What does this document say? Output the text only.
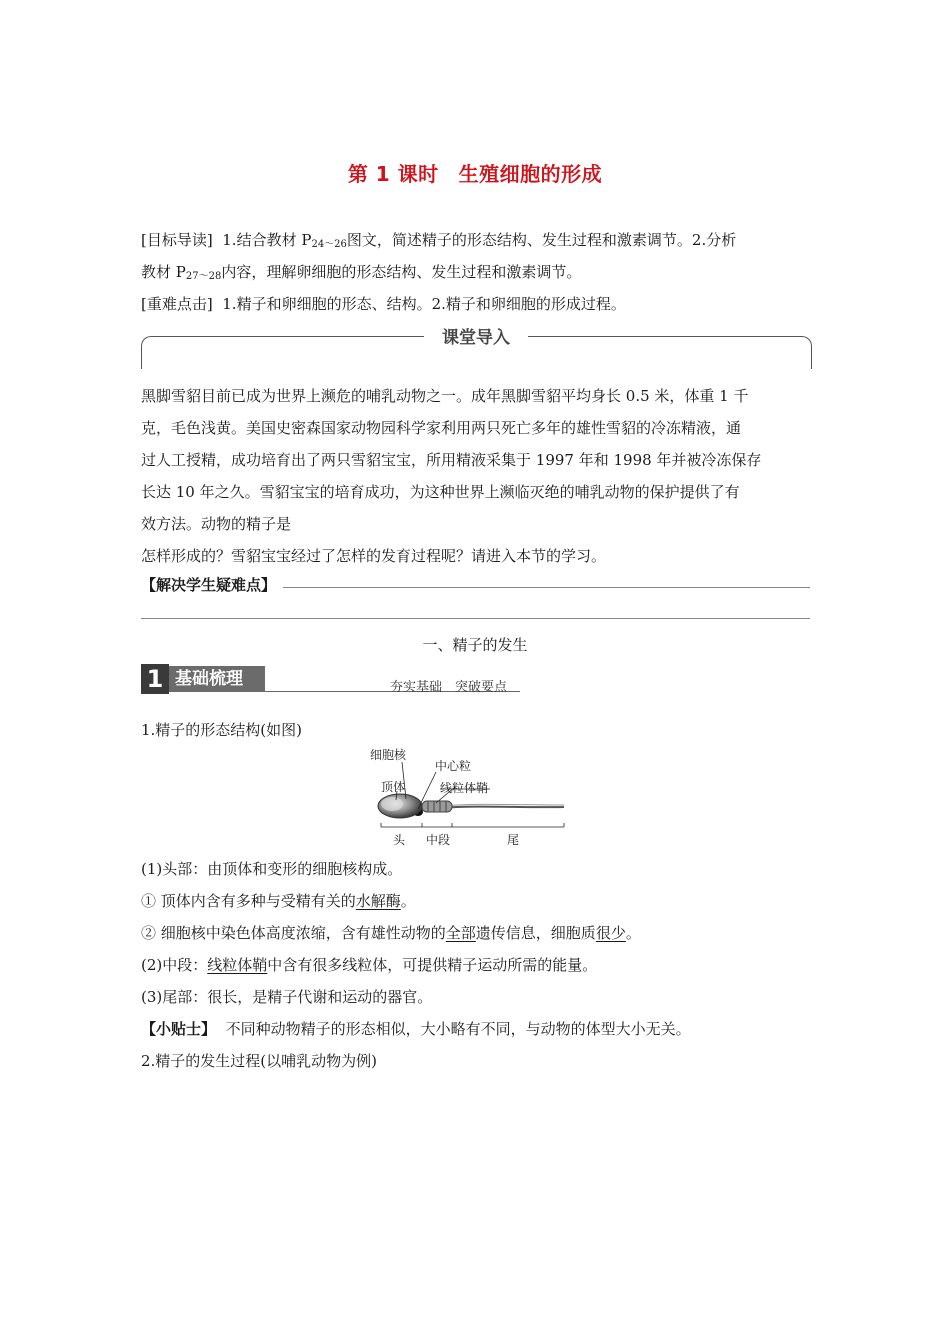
第 1 课时 生殖细胞的形成
[目标导读] 1.结合教材 $P_{24\sim 26}$图文，简述精子的形态结构、发生过程和激素调节。2.分析
教材 $P_{27\sim 28}$内容，理解卵细胞的形态结构、发生过程和激素调节。
[重难点击] 1.精子和卵细胞的形态、结构。2.精子和卵细胞的形成过程。
课堂导入
黑脚雪貂目前已成为世界上濒危的哺乳动物之一。成年黑脚雪貂平均身长 0.5 米，体重 1 千
克，毛色浅黄。美国史密森国家动物园科学家利用两只死亡多年的雄性雪貂的冷冻精液，通
过人工授精，成功培育出了两只雪貂宝宝，所用精液采集于 1997 年和 1998 年并被冷冻保存
长达 10 年之久。雪貂宝宝的培育成功，为这种世界上濒临灭绝的哺乳动物的保护提供了有
效方法。动物的精子是
怎样形成的？雪貂宝宝经过了怎样的发育过程呢？请进入本节的学习。
【解决学生疑难点】
一、精子的发生
1 基础梳理	夯实基础　突破要点
1.精子的形态结构(如图)
细胞核
中心粒
顶体	线粒体鞘
头 中段	尾
(1)头部：由顶体和变形的细胞核构成。
① 顶体内含有多种与受精有关的水解酶。
② 细胞核中染色体高度浓缩，含有雄性动物的全部遗传信息，细胞质很少。
(2)中段：线粒体鞘中含有很多线粒体，可提供精子运动所需的能量。
(3)尾部：很长，是精子代谢和运动的器官。
【小贴士】 不同种动物精子的形态相似，大小略有不同，与动物的体型大小无关。
2.精子的发生过程(以哺乳动物为例)
